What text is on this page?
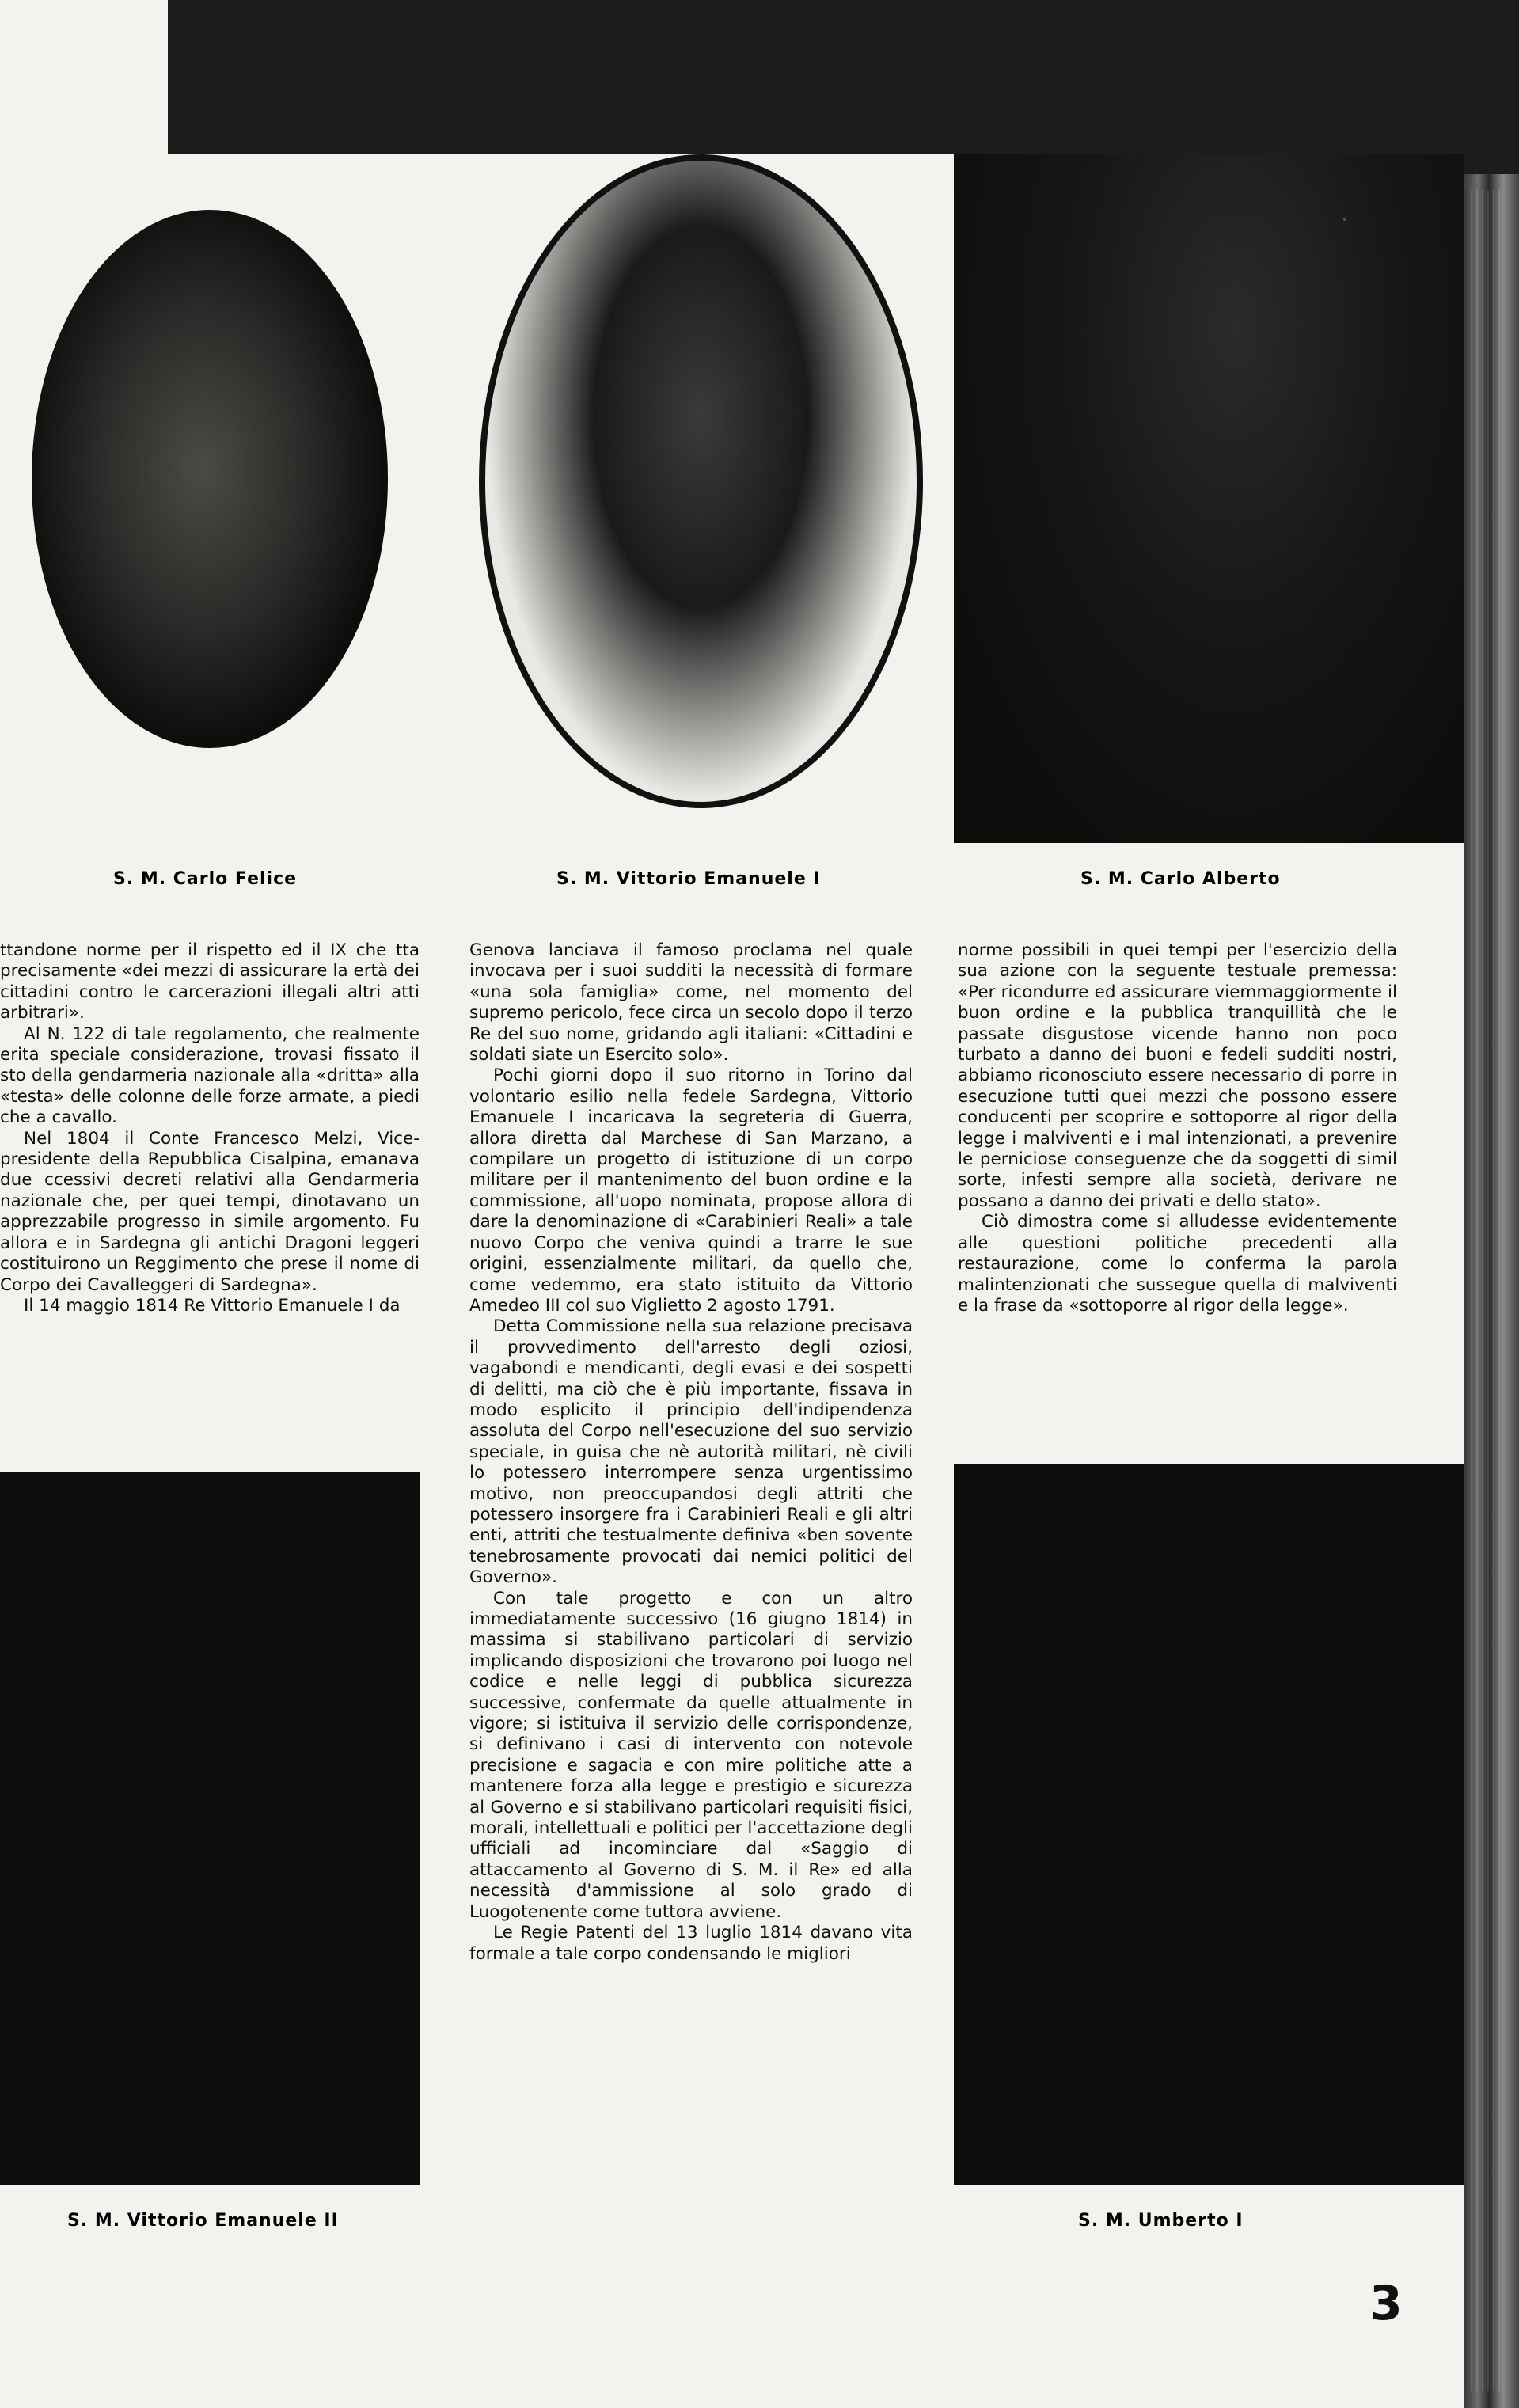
S. M. Carlo Felice	S. M. Vittorio Emanuele I	S. M. Carlo Alberto
S. M. Vittorio Emanuele II	S. M. Umberto I

ttandone norme per il rispetto ed il IX che tta precisamente «dei mezzi di assicurare la ertà dei cittadini contro le carcerazioni illegali altri atti arbitrari».

Al N. 122 di tale regolamento, che realmente erita speciale considerazione, trovasi fissato il sto della gendarmeria nazionale alla «dritta» alla «testa» delle colonne delle forze armate, a piedi che a cavallo.

Nel 1804 il Conte Francesco Melzi, Vice-presidente della Repubblica Cisalpina, emanava due ccessivi decreti relativi alla Gendarmeria nazionale che, per quei tempi, dinotavano un apprezzabile progresso in simile argomento. Fu allora e in Sardegna gli antichi Dragoni leggeri costituirono un Reggimento che prese il nome di Corpo dei Cavalleggeri di Sardegna».

Il 14 maggio 1814 Re Vittorio Emanuele I da

Genova lanciava il famoso proclama nel quale invocava per i suoi sudditi la necessità di formare «una sola famiglia» come, nel momento del supremo pericolo, fece circa un secolo dopo il terzo Re del suo nome, gridando agli italiani: «Cittadini e soldati siate un Esercito solo».

Pochi giorni dopo il suo ritorno in Torino dal volontario esilio nella fedele Sardegna, Vittorio Emanuele I incaricava la segreteria di Guerra, allora diretta dal Marchese di San Marzano, a compilare un progetto di istituzione di un corpo militare per il mantenimento del buon ordine e la commissione, all'uopo nominata, propose allora di dare la denominazione di «Carabinieri Reali» a tale nuovo Corpo che veniva quindi a trarre le sue origini, essenzialmente militari, da quello che, come vedemmo, era stato istituito da Vittorio Amedeo III col suo Viglietto 2 agosto 1791.

Detta Commissione nella sua relazione precisava il provvedimento dell'arresto degli oziosi, vagabondi e mendicanti, degli evasi e dei sospetti di delitti, ma ciò che è più importante, fissava in modo esplicito il principio dell'indipendenza assoluta del Corpo nell'esecuzione del suo servizio speciale, in guisa che nè autorità militari, nè civili lo potessero interrompere senza urgentissimo motivo, non preoccupandosi degli attriti che potessero insorgere fra i Carabinieri Reali e gli altri enti, attriti che testualmente definiva «ben sovente tenebrosamente provocati dai nemici politici del Governo».

Con tale progetto e con un altro immediatamente successivo (16 giugno 1814) in massima si stabilivano particolari di servizio implicando disposizioni che trovarono poi luogo nel codice e nelle leggi di pubblica sicurezza successive, confermate da quelle attualmente in vigore; si istituiva il servizio delle corrispondenze, si definivano i casi di intervento con notevole precisione e sagacia e con mire politiche atte a mantenere forza alla legge e prestigio e sicurezza al Governo e si stabilivano particolari requisiti fisici, morali, intellettuali e politici per l'accettazione degli ufficiali ad incominciare dal «Saggio di attaccamento al Governo di S. M. il Re» ed alla necessità d'ammissione al solo grado di Luogotenente come tuttora avviene.

Le Regie Patenti del 13 luglio 1814 davano vita formale a tale corpo condensando le migliori

norme possibili in quei tempi per l'esercizio della sua azione con la seguente testuale premessa: «Per ricondurre ed assicurare viemmaggiormente il buon ordine e la pubblica tranquillità che le passate disgustose vicende hanno non poco turbato a danno dei buoni e fedeli sudditi nostri, abbiamo riconosciuto essere necessario di porre in esecuzione tutti quei mezzi che possono essere conducenti per scoprire e sottoporre al rigor della legge i malviventi e i mal intenzionati, a prevenire le perniciose conseguenze che da soggetti di simil sorte, infesti sempre alla società, derivare ne possano a danno dei privati e dello stato».

Ciò dimostra come si alludesse evidentemente alle questioni politiche precedenti alla restaurazione, come lo conferma la parola malintenzionati che sussegue quella di malviventi e la frase da «sottoporre al rigor della legge».

3
